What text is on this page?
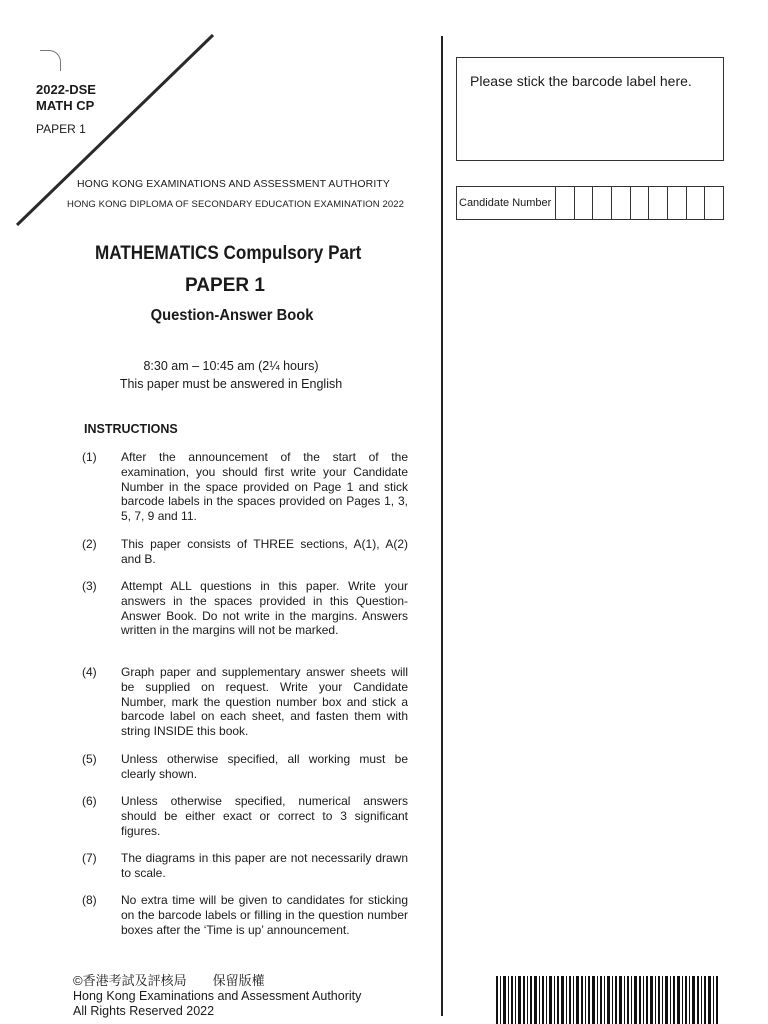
2022-DSE
MATH CP
PAPER 1
HONG KONG EXAMINATIONS AND ASSESSMENT AUTHORITY
HONG KONG DIPLOMA OF SECONDARY EDUCATION EXAMINATION 2022
MATHEMATICS Compulsory Part
PAPER 1
Question-Answer Book
8:30 am – 10:45 am (2¼ hours)
This paper must be answered in English
INSTRUCTIONS
(1) After the announcement of the start of the examination, you should first write your Candidate Number in the space provided on Page 1 and stick barcode labels in the spaces provided on Pages 1, 3, 5, 7, 9 and 11.
(2) This paper consists of THREE sections, A(1), A(2) and B.
(3) Attempt ALL questions in this paper. Write your answers in the spaces provided in this Question-Answer Book. Do not write in the margins. Answers written in the margins will not be marked.
(4) Graph paper and supplementary answer sheets will be supplied on request. Write your Candidate Number, mark the question number box and stick a barcode label on each sheet, and fasten them with string INSIDE this book.
(5) Unless otherwise specified, all working must be clearly shown.
(6) Unless otherwise specified, numerical answers should be either exact or correct to 3 significant figures.
(7) The diagrams in this paper are not necessarily drawn to scale.
(8) No extra time will be given to candidates for sticking on the barcode labels or filling in the question number boxes after the ‘Time is up’ announcement.
Please stick the barcode label here.
Candidate Number
©香港考試及評核局　　保留版權
Hong Kong Examinations and Assessment Authority
All Rights Reserved 2022
